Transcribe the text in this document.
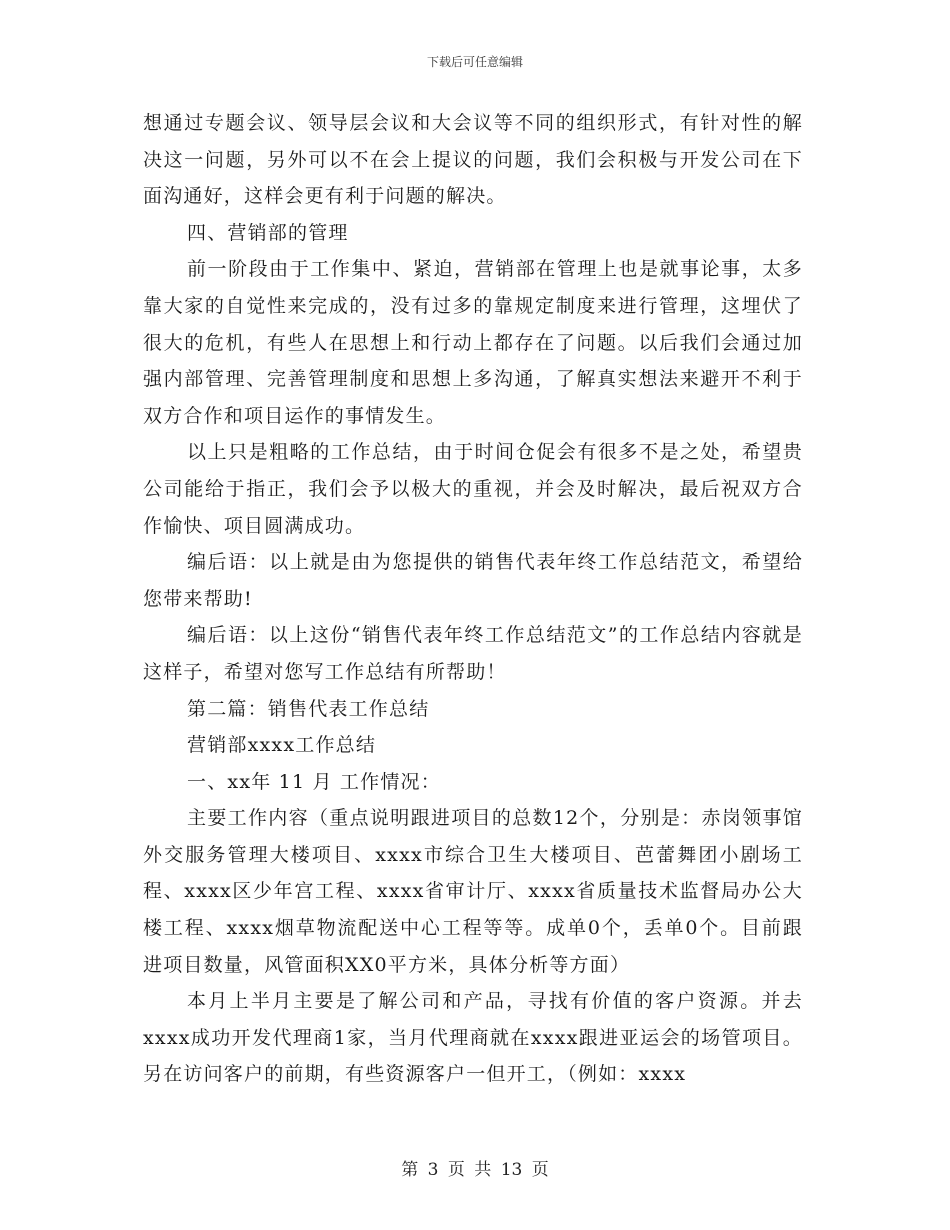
下载后可任意编辑

想通过专题会议、领导层会议和大会议等不同的组织形式，有针对性的解决这一问题，另外可以不在会上提议的问题，我们会积极与开发公司在下面沟通好，这样会更有利于问题的解决。

四、营销部的管理

前一阶段由于工作集中、紧迫，营销部在管理上也是就事论事，太多靠大家的自觉性来完成的，没有过多的靠规定制度来进行管理，这埋伏了很大的危机，有些人在思想上和行动上都存在了问题。以后我们会通过加强内部管理、完善管理制度和思想上多沟通，了解真实想法来避开不利于双方合作和项目运作的事情发生。

以上只是粗略的工作总结，由于时间仓促会有很多不是之处，希望贵公司能给于指正，我们会予以极大的重视，并会及时解决，最后祝双方合作愉快、项目圆满成功。

编后语：以上就是由为您提供的销售代表年终工作总结范文，希望给您带来帮助!

编后语：以上这份“销售代表年终工作总结范文”的工作总结内容就是这样子，希望对您写工作总结有所帮助！

第二篇：销售代表工作总结

营销部xxxx工作总结

一、xx年 11 月 工作情况：

主要工作内容（重点说明跟进项目的总数12个，分别是：赤岗领事馆外交服务管理大楼项目、xxxx市综合卫生大楼项目、芭蕾舞团小剧场工程、xxxx区少年宫工程、xxxx省审计厅、xxxx省质量技术监督局办公大楼工程、xxxx烟草物流配送中心工程等等。成单0个，丢单0个。目前跟进项目数量，风管面积XX0平方米，具体分析等方面）

本月上半月主要是了解公司和产品，寻找有价值的客户资源。并去xxxx成功开发代理商1家，当月代理商就在xxxx跟进亚运会的场管项目。另在访问客户的前期，有些资源客户一但开工，（例如：xxxx

第 3 页 共 13 页
